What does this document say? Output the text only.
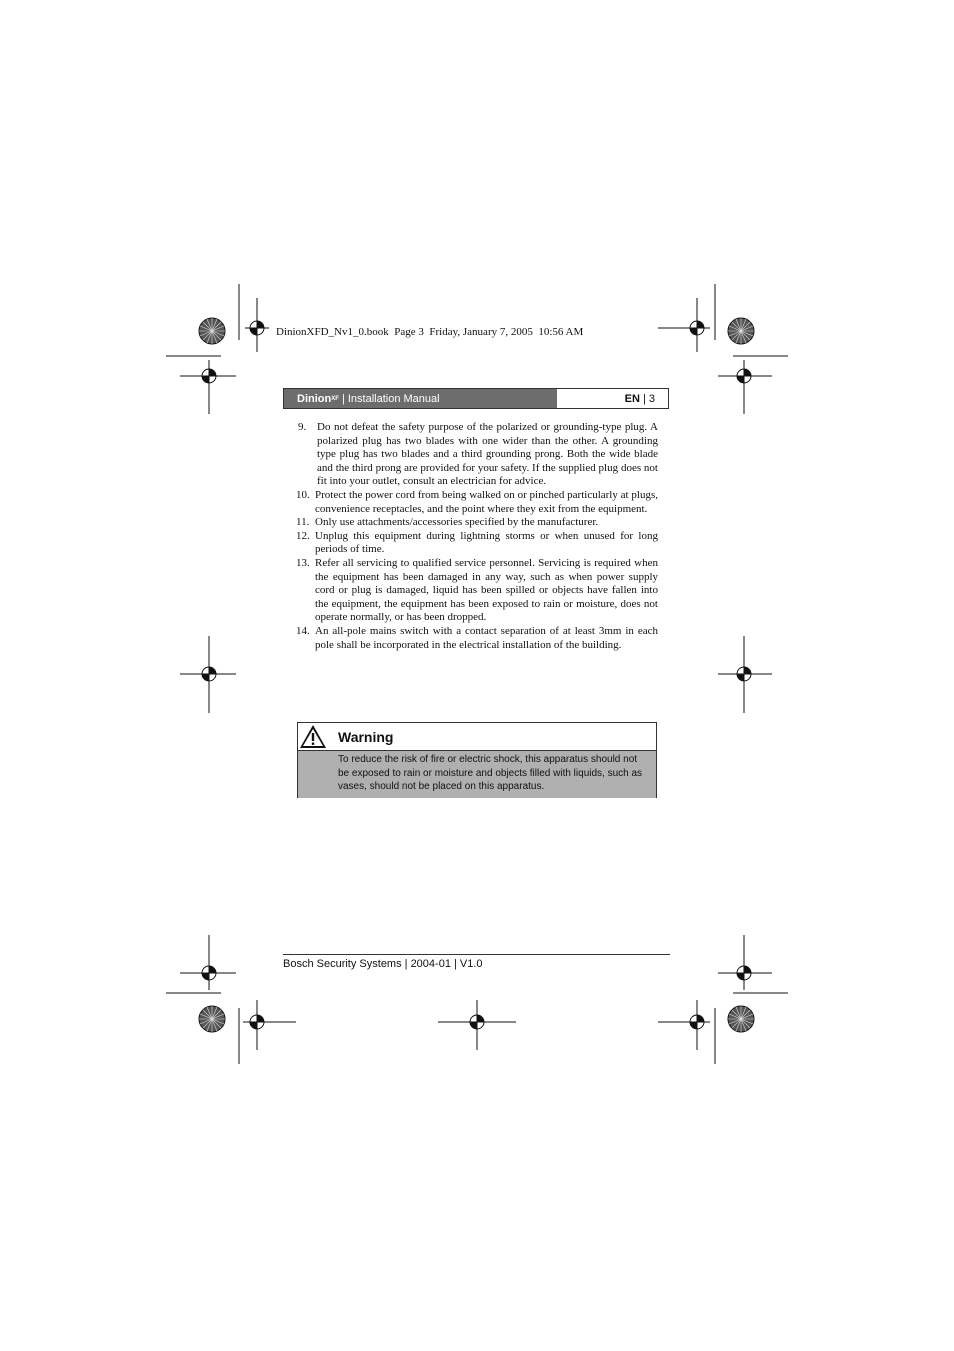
DinionXFD_Nv1_0.book  Page 3  Friday, January 7, 2005  10:56 AM
Dinion XF
| Installation Manual	EN
| 3
9. Do not defeat the safety purpose of the polarized or grounding-type plug. A polarized plug has two blades with one wider than the other. A grounding type plug has two blades and a third grounding prong. Both the wide blade and the third prong are provided for your safety. If the supplied plug does not fit into your outlet, consult an electrician for advice.
10. Protect the power cord from being walked on or pinched particularly at plugs, convenience receptacles, and the point where they exit from the equipment.
11. Only use attachments/accessories specified by the manufacturer.
12. Unplug this equipment during lightning storms or when unused for long periods of time.
13. Refer all servicing to qualified service personnel. Servicing is required when the equipment has been damaged in any way, such as when power supply cord or plug is damaged, liquid has been spilled or objects have fallen into the equipment, the equipment has been exposed to rain or moisture, does not operate normally, or has been dropped.
14. An all-pole mains switch with a contact separation of at least 3mm in each pole shall be incorporated in the electrical installation of the building.
Warning
To reduce the risk of fire or electric shock, this apparatus should not be exposed to rain or moisture and objects filled with liquids, such as vases, should not be placed on this apparatus.
Bosch Security Systems | 2004-01 | V1.0
